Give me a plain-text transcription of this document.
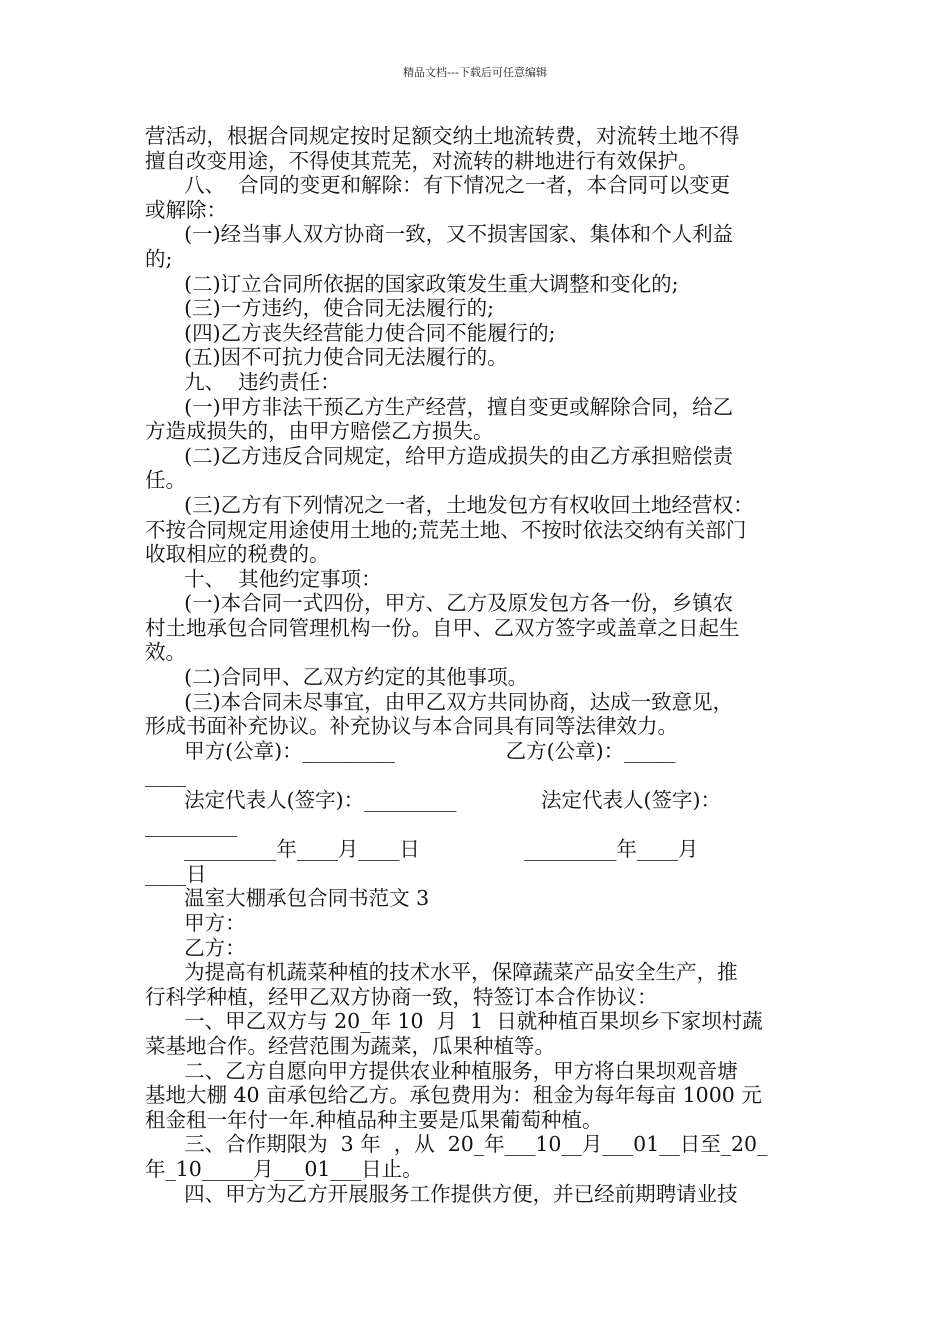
精品文档---下载后可任意编辑
营活动，根据合同规定按时足额交纳土地流转费，对流转土地不得
擅自改变用途，不得使其荒芜，对流转的耕地进行有效保护。
八、  合同的变更和解除：有下情况之一者，本合同可以变更
或解除：
(一)经当事人双方协商一致，又不损害国家、集体和个人利益
的;
(二)订立合同所依据的国家政策发生重大调整和变化的;
(三)一方违约，使合同无法履行的;
(四)乙方丧失经营能力使合同不能履行的;
(五)因不可抗力使合同无法履行的。
九、  违约责任：
(一)甲方非法干预乙方生产经营，擅自变更或解除合同，给乙
方造成损失的，由甲方赔偿乙方损失。
(二)乙方违反合同规定，给甲方造成损失的由乙方承担赔偿责
任。
(三)乙方有下列情况之一者，土地发包方有权收回土地经营权：
不按合同规定用途使用土地的;荒芜土地、不按时依法交纳有关部门
收取相应的税费的。
十、  其他约定事项：
(一)本合同一式四份，甲方、乙方及原发包方各一份，乡镇农
村土地承包合同管理机构一份。自甲、乙双方签字或盖章之日起生
效。
(二)合同甲、乙双方约定的其他事项。
(三)本合同未尽事宜，由甲乙双方共同协商，达成一致意见，
形成书面补充协议。补充协议与本合同具有同等法律效力。
甲方(公章)：_________                 乙方(公章)：_____
____
法定代表人(签字)：_________             法定代表人(签字)：
_________
_________年____月____日                _________年____月
____日
温室大棚承包合同书范文 3
甲方：
乙方：
为提高有机蔬菜种植的技术水平，保障蔬菜产品安全生产，推
行科学种植，经甲乙双方协商一致，特签订本合作协议：
一、甲乙双方与 20_年 10  月  1  日就种植百果坝乡下家坝村蔬
菜基地合作。经营范围为蔬菜，瓜果种植等。
二、乙方自愿向甲方提供农业种植服务，甲方将白果坝观音塘
基地大棚 40 亩承包给乙方。承包费用为：租金为每年每亩 1000 元
租金租一年付一年.种植品种主要是瓜果葡萄种植。
三、合作期限为  3 年  ，从  20_年___10__月___01__日至_20_
年_10_____月___01___日止。
四、甲方为乙方开展服务工作提供方便，并已经前期聘请业技
